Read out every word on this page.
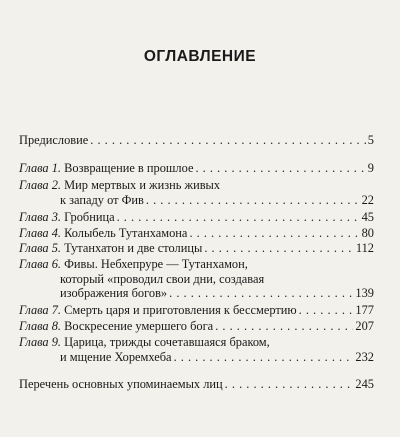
ОГЛАВЛЕНИЕ
Предисловие . . .	5
Глава 1. Возвращение в прошлое . . .	9
Глава 2. Мир мертвых и жизнь живых
к западу от Фив . . .	22
Глава 3. Гробница . . .	45
Глава 4. Колыбель Тутанхамона . . .	80
Глава 5. Тутанхатон и две столицы . . .	112
Глава 6. Фивы. Небхепруре — Тутанхамон,
который «проводил свои дни, создавая
изображения богов» . . .	139
Глава 7. Смерть царя и приготовления к бессмертию . . .	177
Глава 8. Воскресение умершего бога . . .	207
Глава 9. Царица, трижды сочетавшаяся браком,
и мщение Хоремхеба . . .	232
Перечень основных упоминаемых лиц . . .	245
